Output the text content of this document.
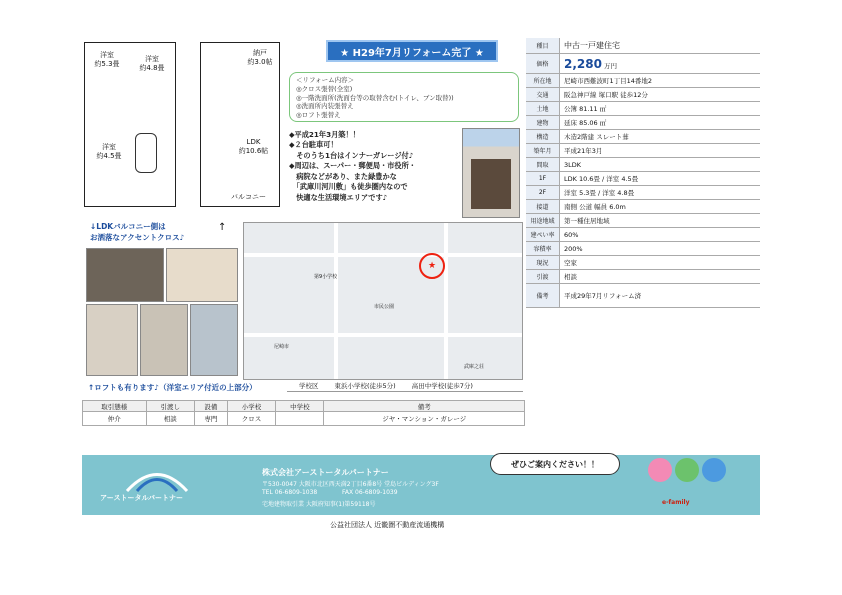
洋室
約5.3畳
洋室
約4.8畳
洋室
約4.5畳
納戸
約3.0帖
LDK
約10.6帖
バルコニー
★ H29年7月リフォーム完了 ★
＜リフォーム内容＞
◎クロス張替(全室)
◎一階洗面所(洗面台等の取替含む(トイレ、ブン取替))
◎洗面所内装張替え
◎ロフト張替え
◆平成21年3月築！！
◆２台駐車可！
　そのうち1台はインナーガレージ付♪
◆周辺は、スーパー・郵便局・市役所・
　病院などがあり、また緑豊かな
　「武庫川河川敷」も徒歩圏内なので
　快適な生活環境エリアです♪
↓LDKバルコニー側は
お洒落なアクセントクロス♪
↑
↑ロフトも有ります♪（洋室エリア付近の上部分）
第9小学校
市民公園
尼崎市
武庫之荘
★
学校区 東浜小学校(徒歩5分) 高田中学校(徒歩7分)
取引態様	引渡し	設備	小学校	中学校	備考
仲介	相談	専門	クロス		ジヤ・マンション・ガレージ
種目	中古一戸建住宅
価格	2,280 万円
所在地	尼崎市西難波町1丁目14番地2
交通	阪急神戸線 塚口駅 徒歩12分
土地	公簿 81.11 ㎡
建物	延床 85.06 ㎡
構造	木造2階建 スレート葺
築年月	平成21年3月
間取	3LDK
1F	LDK 10.6畳 / 洋室 4.5畳
2F	洋室 5.3畳 / 洋室 4.8畳
接道	南側 公道 幅員 6.0m
用途地域	第一種住居地域
建ぺい率	60%
容積率	200%
現況	空家
引渡	相談
備考	平成29年7月リフォーム済
アーストータルパートナー
株式会社アーストータルパートナー
〒530-0047 大阪市北区西天満2丁目6番8号 堂島ビルディング3F
TEL 06-6809-1038	FAX 06-6809-1039
宅地建物取引業 大阪府知事(1)第59118号
ぜひご案内ください！！
e-family
公益社団法人 近畿圏不動産流通機構
